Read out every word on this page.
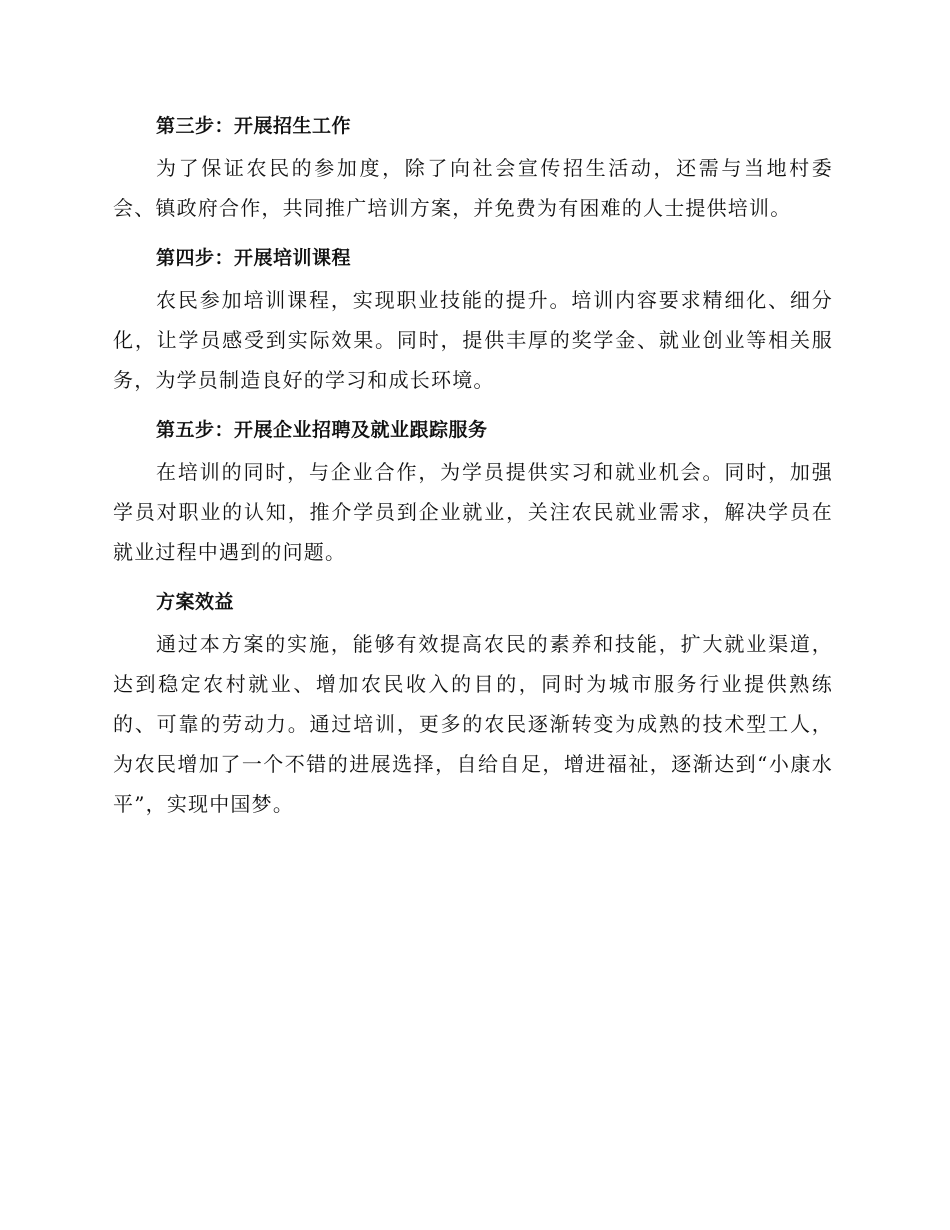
第三步：开展招生工作

为了保证农民的参加度，除了向社会宣传招生活动，还需与当地村委会、镇政府合作，共同推广培训方案，并免费为有困难的人士提供培训。

第四步：开展培训课程

农民参加培训课程，实现职业技能的提升。培训内容要求精细化、细分化，让学员感受到实际效果。同时，提供丰厚的奖学金、就业创业等相关服务，为学员制造良好的学习和成长环境。

第五步：开展企业招聘及就业跟踪服务

在培训的同时，与企业合作，为学员提供实习和就业机会。同时，加强学员对职业的认知，推介学员到企业就业，关注农民就业需求，解决学员在就业过程中遇到的问题。

方案效益

通过本方案的实施，能够有效提高农民的素养和技能，扩大就业渠道，达到稳定农村就业、增加农民收入的目的，同时为城市服务行业提供熟练的、可靠的劳动力。通过培训，更多的农民逐渐转变为成熟的技术型工人，为农民增加了一个不错的进展选择，自给自足，增进福祉，逐渐达到“小康水平”，实现中国梦。
